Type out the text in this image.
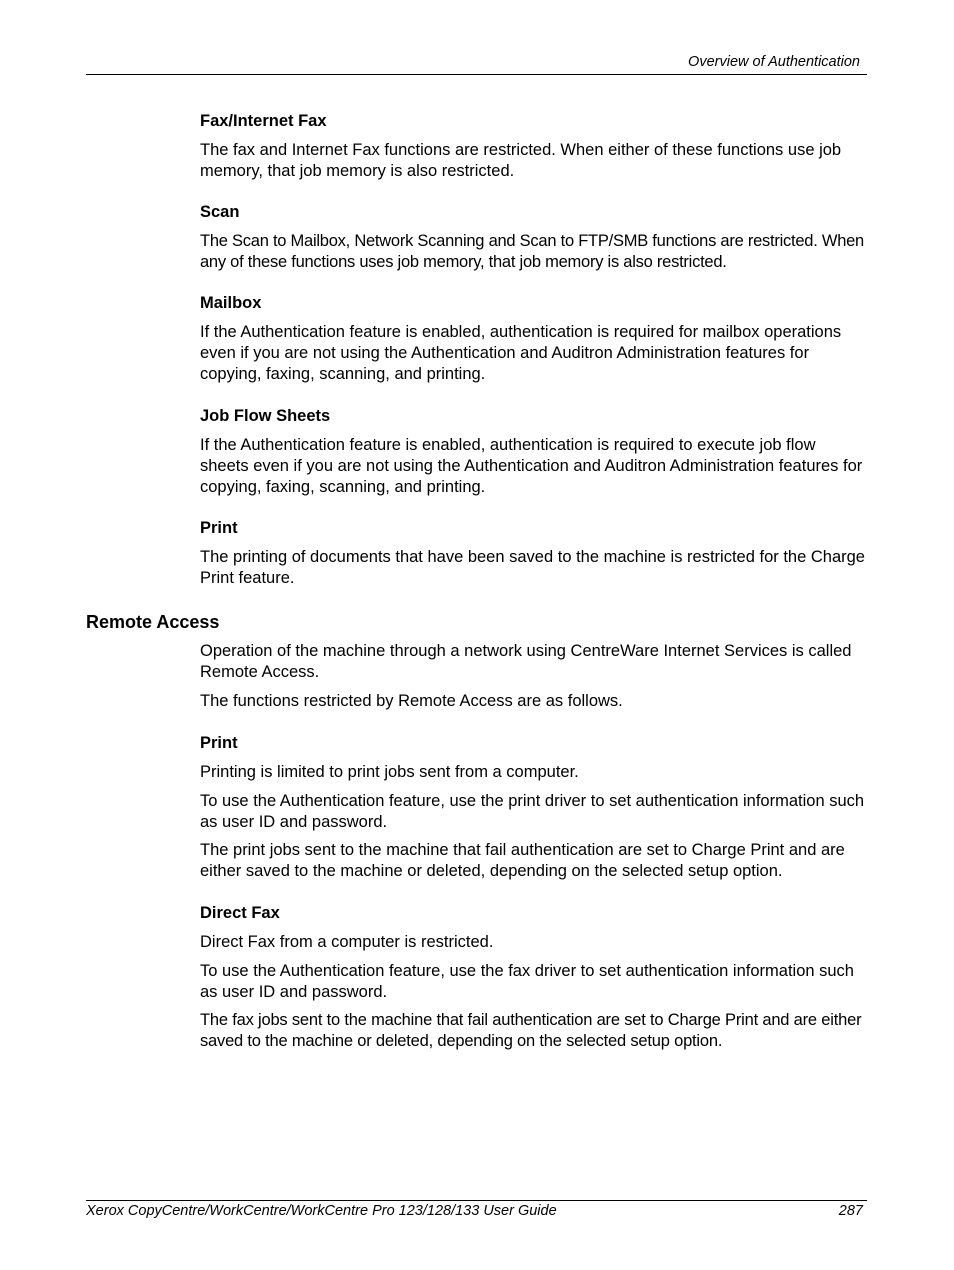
Overview of Authentication
Fax/Internet Fax

The fax and Internet Fax functions are restricted. When either of these functions use job memory, that job memory is also restricted.

Scan

The Scan to Mailbox, Network Scanning and Scan to FTP/SMB functions are restricted. When any of these functions uses job memory, that job memory is also restricted.

Mailbox

If the Authentication feature is enabled, authentication is required for mailbox operations even if you are not using the Authentication and Auditron Administration features for copying, faxing, scanning, and printing.

Job Flow Sheets

If the Authentication feature is enabled, authentication is required to execute job flow sheets even if you are not using the Authentication and Auditron Administration features for copying, faxing, scanning, and printing.

Print

The printing of documents that have been saved to the machine is restricted for the Charge Print feature.

Remote Access

Operation of the machine through a network using CentreWare Internet Services is called Remote Access.

The functions restricted by Remote Access are as follows.

Print

Printing is limited to print jobs sent from a computer.

To use the Authentication feature, use the print driver to set authentication information such as user ID and password.

The print jobs sent to the machine that fail authentication are set to Charge Print and are either saved to the machine or deleted, depending on the selected setup option.

Direct Fax

Direct Fax from a computer is restricted.

To use the Authentication feature, use the fax driver to set authentication information such as user ID and password.

The fax jobs sent to the machine that fail authentication are set to Charge Print and are either saved to the machine or deleted, depending on the selected setup option.

Xerox CopyCentre/WorkCentre/WorkCentre Pro 123/128/133 User Guide	287
